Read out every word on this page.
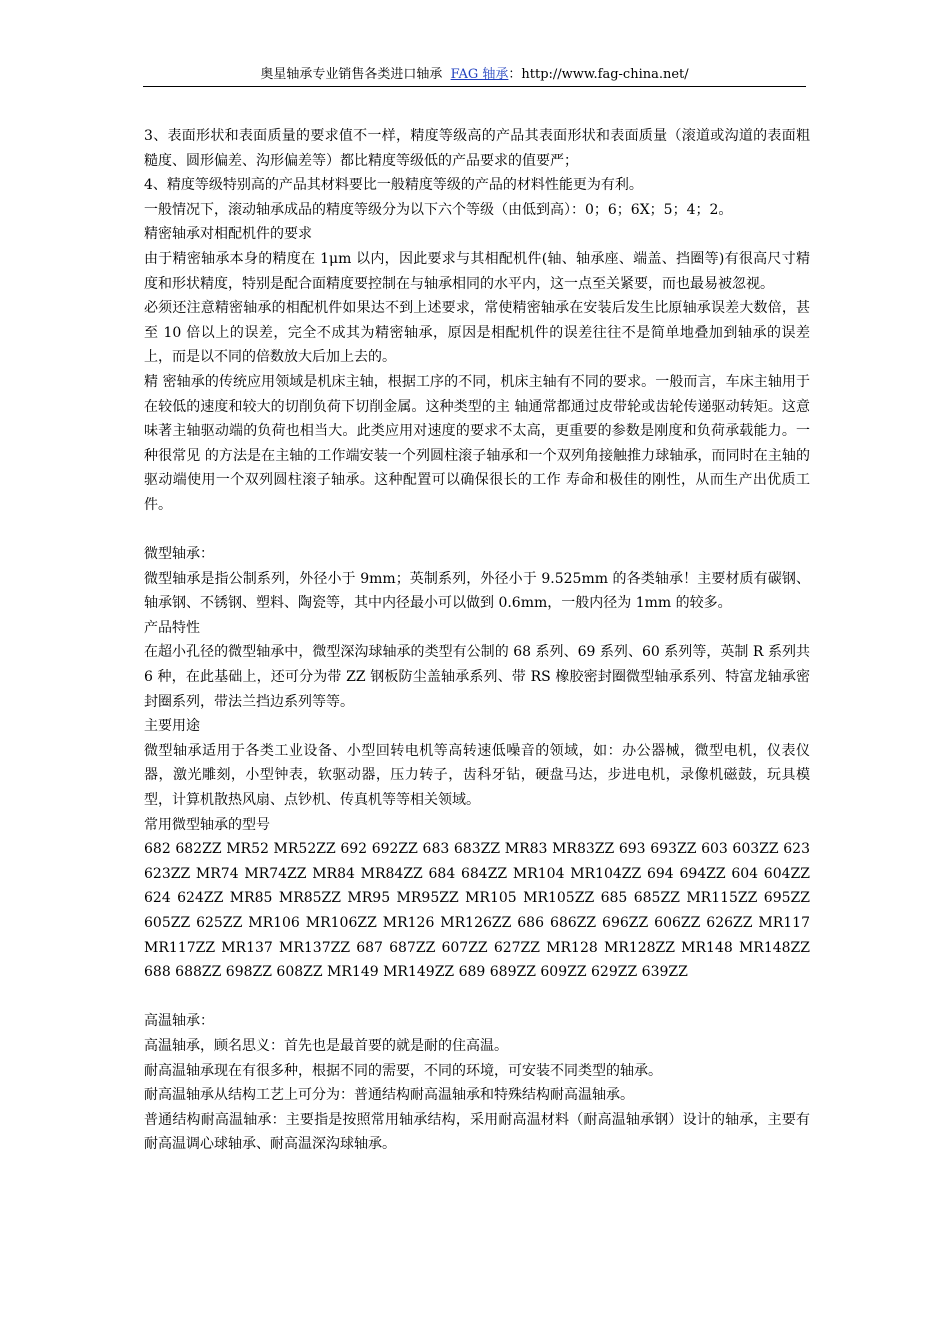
奥星轴承专业销售各类进口轴承 FAG 轴承：http://www.fag-china.net/

3、表面形状和表面质量的要求值不一样，精度等级高的产品其表面形状和表面质量（滚道或沟道的表面粗糙度、圆形偏差、沟形偏差等）都比精度等级低的产品要求的值要严；

4、精度等级特别高的产品其材料要比一般精度等级的产品的材料性能更为有利。

一般情况下，滚动轴承成品的精度等级分为以下六个等级（由低到高）：0；6；6X；5；4；2。

精密轴承对相配机件的要求

由于精密轴承本身的精度在 1μm 以内，因此要求与其相配机件(轴、轴承座、端盖、挡圈等)有很高尺寸精度和形状精度，特别是配合面精度要控制在与轴承相同的水平内，这一点至关紧要，而也最易被忽视。

必须还注意精密轴承的相配机件如果达不到上述要求，常使精密轴承在安装后发生比原轴承误差大数倍，甚至 10 倍以上的误差，完全不成其为精密轴承，原因是相配机件的误差往往不是简单地叠加到轴承的误差上，而是以不同的倍数放大后加上去的。

精 密轴承的传统应用领域是机床主轴，根据工序的不同，机床主轴有不同的要求。一般而言，车床主轴用于在较低的速度和较大的切削负荷下切削金属。这种类型的主 轴通常都通过皮带轮或齿轮传递驱动转矩。这意味著主轴驱动端的负荷也相当大。此类应用对速度的要求不太高，更重要的参数是刚度和负荷承载能力。一种很常见 的方法是在主轴的工作端安装一个列圆柱滚子轴承和一个双列角接触推力球轴承，而同时在主轴的驱动端使用一个双列圆柱滚子轴承。这种配置可以确保很长的工作 寿命和极佳的刚性，从而生产出优质工件。

微型轴承：

微型轴承是指公制系列，外径小于 9mm；英制系列，外径小于 9.525mm 的各类轴承！主要材质有碳钢、轴承钢、不锈钢、塑料、陶瓷等，其中内径最小可以做到 0.6mm，一般内径为 1mm 的较多。

产品特性

在超小孔径的微型轴承中，微型深沟球轴承的类型有公制的 68 系列、69 系列、60 系列等，英制 R 系列共 6 种，在此基础上，还可分为带 ZZ 钢板防尘盖轴承系列、带 RS 橡胶密封圈微型轴承系列、特富龙轴承密封圈系列，带法兰挡边系列等等。

主要用途

微型轴承适用于各类工业设备、小型回转电机等高转速低噪音的领域，如：办公器械，微型电机，仪表仪器，激光雕刻，小型钟表，软驱动器，压力转子，齿科牙钻，硬盘马达，步进电机，录像机磁鼓，玩具模型，计算机散热风扇、点钞机、传真机等等相关领域。

常用微型轴承的型号

682 682ZZ MR52 MR52ZZ 692 692ZZ 683 683ZZ MR83 MR83ZZ 693 693ZZ 603 603ZZ 623 623ZZ MR74 MR74ZZ MR84 MR84ZZ 684 684ZZ MR104 MR104ZZ 694 694ZZ 604 604ZZ 624 624ZZ MR85 MR85ZZ MR95 MR95ZZ MR105 MR105ZZ 685 685ZZ MR115ZZ 695ZZ 605ZZ 625ZZ MR106 MR106ZZ MR126 MR126ZZ 686 686ZZ 696ZZ 606ZZ 626ZZ MR117 MR117ZZ MR137 MR137ZZ 687 687ZZ 607ZZ 627ZZ MR128 MR128ZZ MR148 MR148ZZ 688 688ZZ 698ZZ 608ZZ MR149 MR149ZZ 689 689ZZ 609ZZ 629ZZ 639ZZ

高温轴承：

高温轴承，顾名思义：首先也是最首要的就是耐的住高温。

耐高温轴承现在有很多种，根据不同的需要，不同的环境，可安装不同类型的轴承。

耐高温轴承从结构工艺上可分为：普通结构耐高温轴承和特殊结构耐高温轴承。

普通结构耐高温轴承：主要指是按照常用轴承结构，采用耐高温材料（耐高温轴承钢）设计的轴承，主要有耐高温调心球轴承、耐高温深沟球轴承。
